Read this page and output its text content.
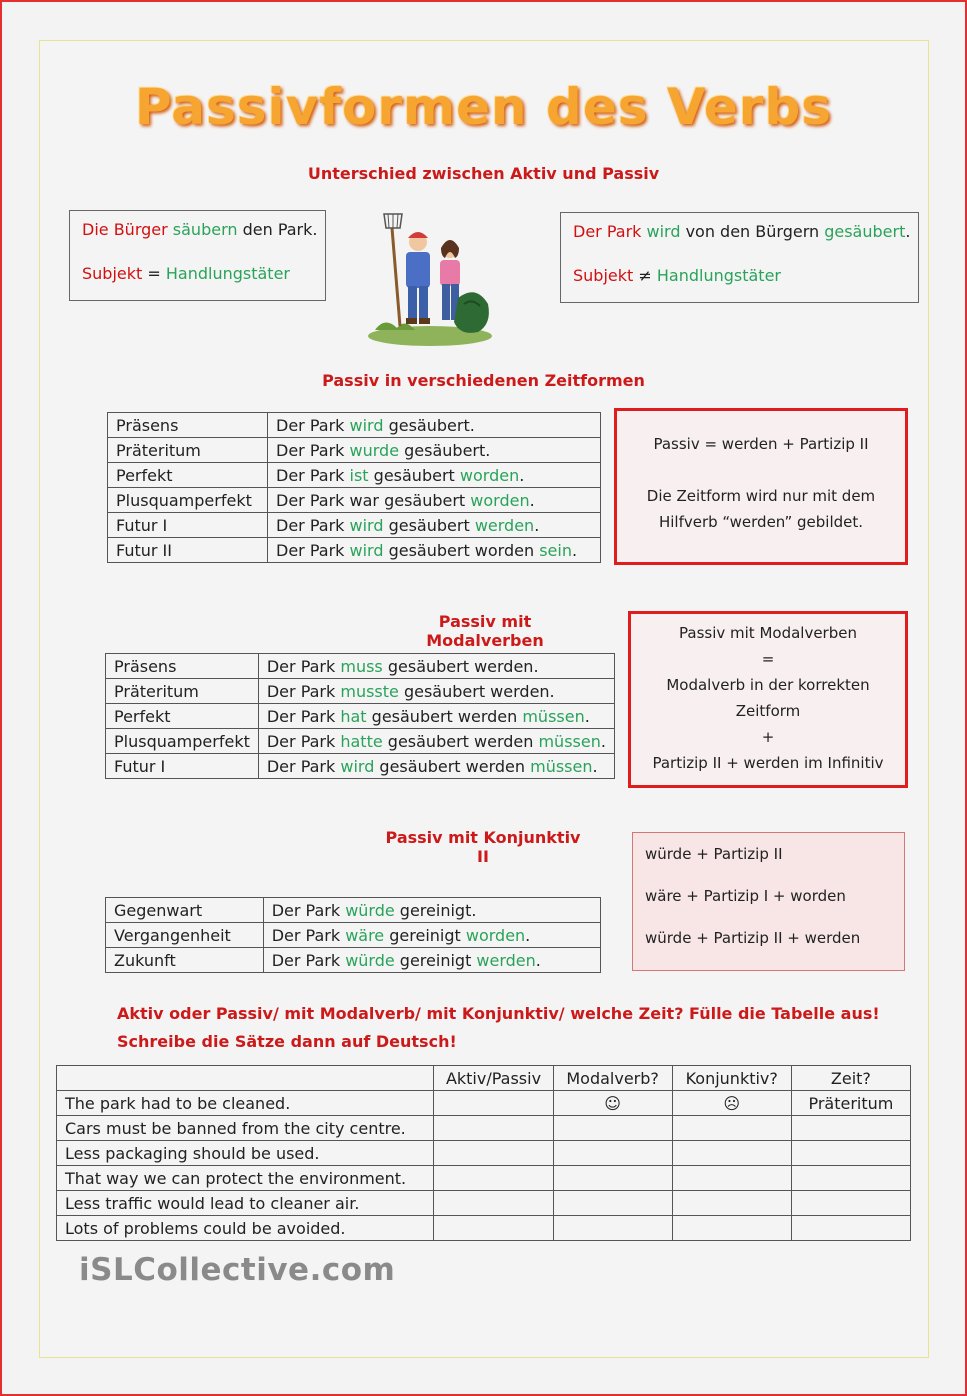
Passivformen des Verbs
Unterschied zwischen Aktiv und Passiv
Die Bürger säubern den Park.
Subjekt = Handlungstäter
Der Park wird von den Bürgern gesäubert.
Subjekt ≠ Handlungstäter
Passiv in verschiedenen Zeitformen
Präsens	Der Park wird gesäubert.
Präteritum	Der Park wurde gesäubert.
Perfekt	Der Park ist gesäubert worden.
Plusquamperfekt	Der Park war gesäubert worden.
Futur I	Der Park wird gesäubert werden.
Futur II	Der Park wird gesäubert worden sein.
Passiv = werden + Partizip II

Die Zeitform wird nur mit dem
Hilfverb “werden” gebildet.
Passiv mit Modalverben
Präsens	Der Park muss gesäubert werden.
Präteritum	Der Park musste gesäubert werden.
Perfekt	Der Park hat gesäubert werden müssen.
Plusquamperfekt	Der Park hatte gesäubert werden müssen.
Futur I	Der Park wird gesäubert werden müssen.
Passiv mit Modalverben
=
Modalverb in der korrekten
Zeitform
+
Partizip II + werden im Infinitiv
Passiv mit Konjunktiv II	würde + Partizip II
wäre + Partizip I + worden
würde + Partizip II + werden
Gegenwart	Der Park würde gereinigt.
Vergangenheit	Der Park wäre gereinigt worden.
Zukunft	Der Park würde gereinigt werden.
Aktiv oder Passiv/ mit Modalverb/ mit Konjunktiv/ welche Zeit? Fülle die Tabelle aus!
Schreibe die Sätze dann auf Deutsch!
	Aktiv/Passiv	Modalverb?	Konjunktiv?	Zeit?
The park had to be cleaned.		☺	☹	Präteritum
Cars must be banned from the city centre.				
Less packaging should be used.				
That way we can protect the environment.				
Less traffic would lead to cleaner air.				
Lots of problems could be avoided.				
iSLCollective.com
